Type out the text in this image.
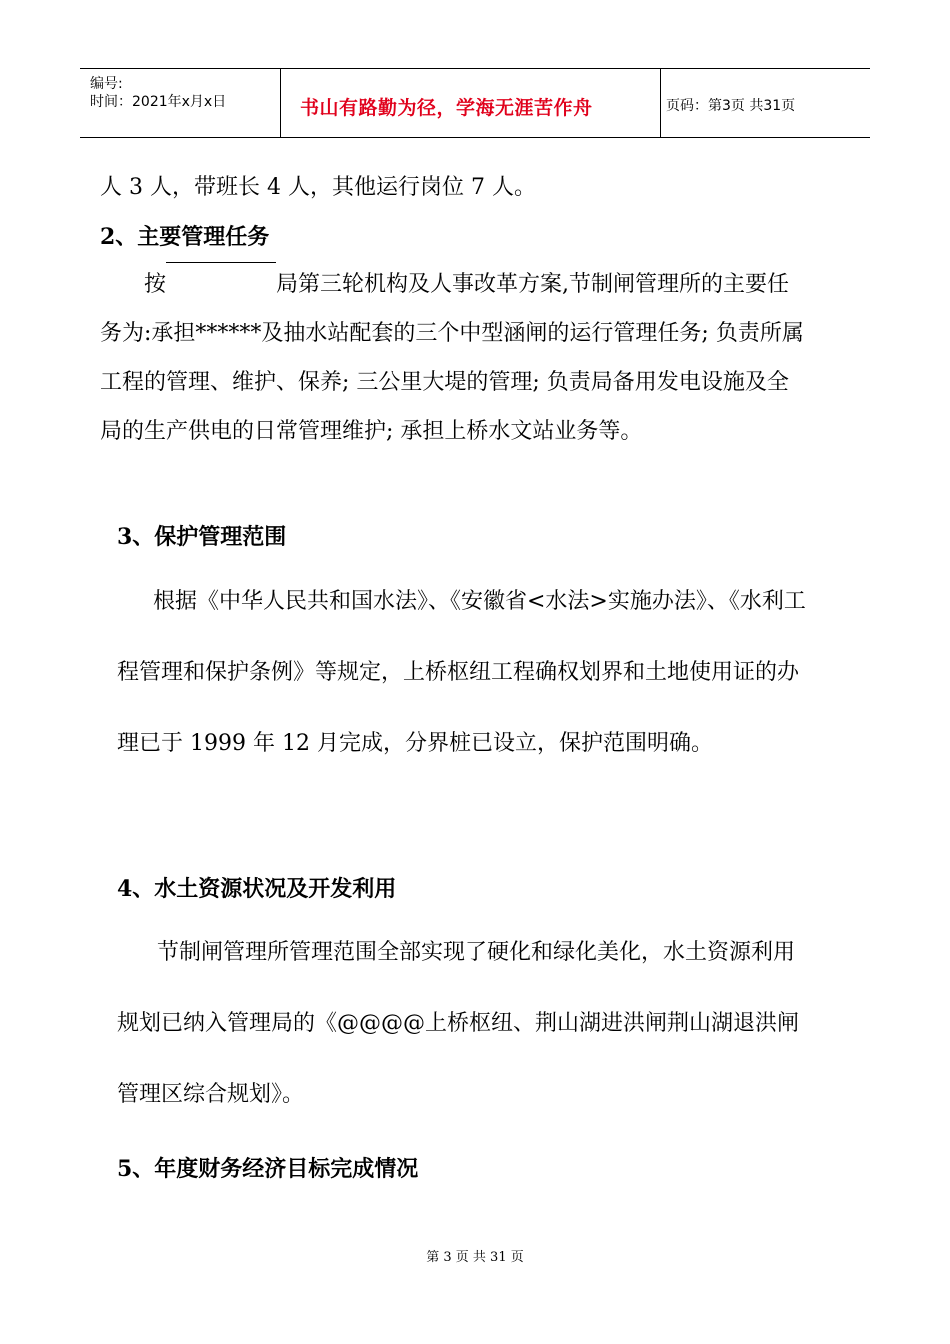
编号:
时间：2021年x月x日	书山有路勤为径，学海无涯苦作舟	页码：第3页 共31页
人 3 人，带班长 4 人，其他运行岗位 7 人。
2、主要管理任务
按	局第三轮机构及人事改革方案,节制闸管理所的主要任务为:承担******及抽水站配套的三个中型涵闸的运行管理任务; 负责所属工程的管理、维护、保养; 三公里大堤的管理; 负责局备用发电设施及全局的生产供电的日常管理维护; 承担上桥水文站业务等。
3、保护管理范围
根据《中华人民共和国水法》、《安徽省<水法>实施办法》、《水利工程管理和保护条例》等规定，上桥枢纽工程确权划界和土地使用证的办理已于 1999 年 12 月完成，分界桩已设立，保护范围明确。
4、水土资源状况及开发利用
节制闸管理所管理范围全部实现了硬化和绿化美化，水土资源利用规划已纳入管理局的《@@@@上桥枢纽、荆山湖进洪闸荆山湖退洪闸管理区综合规划》。
5、年度财务经济目标完成情况
第 3 页 共 31 页
